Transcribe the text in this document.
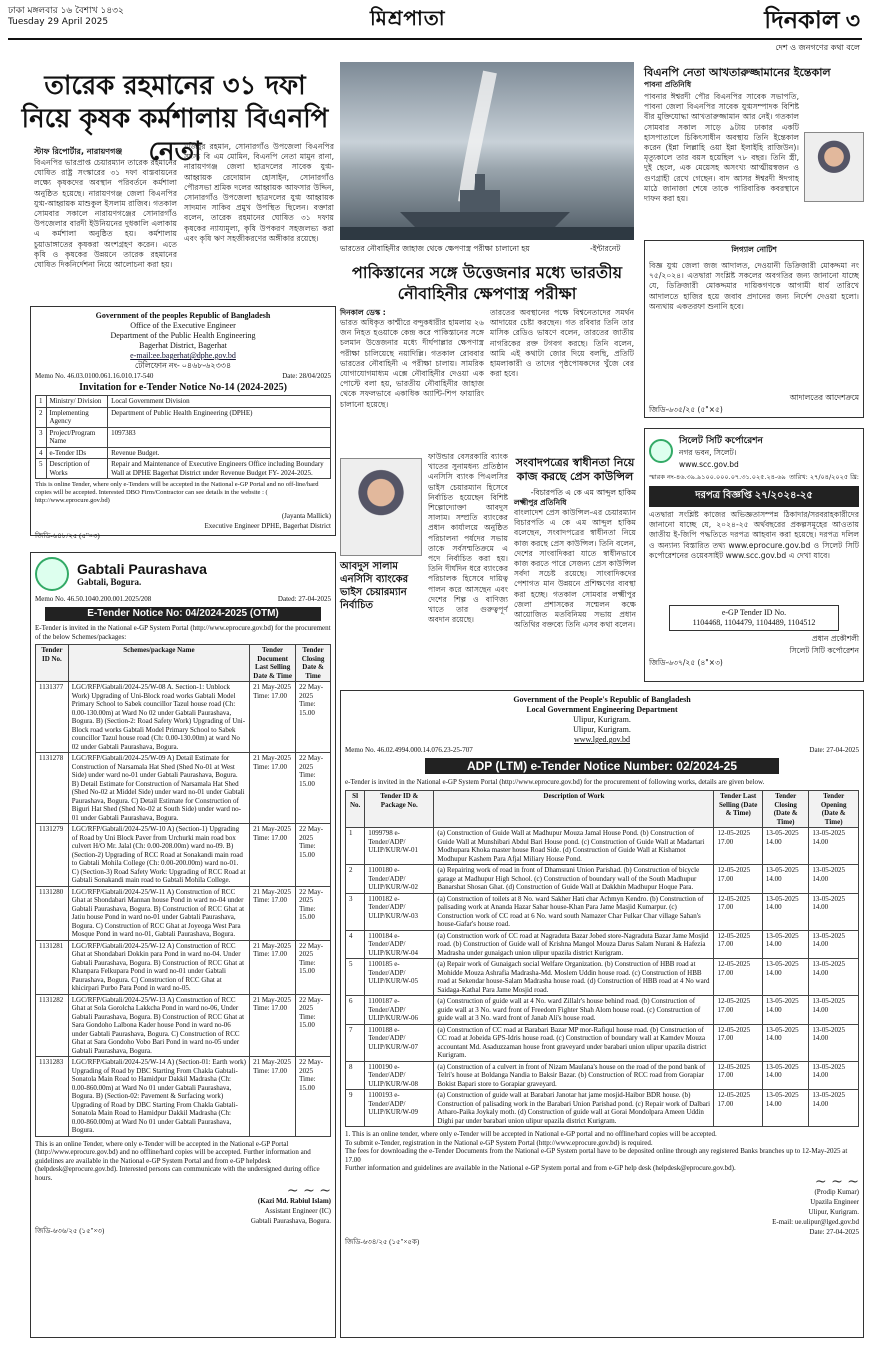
ঢাকা মঙ্গলবার ১৬ বৈশাখ ১৪৩২
Tuesday 29 April 2025	মিশ্রপাতা	দিনকাল ৩
দেশ ও জনগণের কথা বলে
তারেক রহমানের ৩১ দফা নিয়ে কৃষক কর্মশালায় বিএনপি নেতা
স্টাফ রিপোর্টার, নারায়ণগঞ্জ
বিএনপির ভারপ্রাপ্ত চেয়ারম্যান তারেক রহমানের ঘোষিত রাষ্ট্র সংস্কারের ৩১ দফা বাস্তবায়নের লক্ষ্যে কৃষকদের অবস্থান পরিবর্তনে কর্মশালা অনুষ্ঠিত হয়েছে। নারায়ণগঞ্জ জেলা বিএনপির যুগ্ম-আহ্বায়ক মাশুকুল ইসলাম রাজিব। গতকাল সোমবার সকালে নারায়ণগঞ্জের সোনারগাঁও উপজেলার বারদী ইউনিয়নের দুধকালি এলাকায় এ কর্মশালা অনুষ্ঠিত হয়। কর্মশালায় চুয়াডাঙ্গাতের কৃষকরা অংশগ্রহণ করেন। এতে কৃষি ও কৃষকের উন্নয়নে তারেক রহমানের ঘোষিত দিকনির্দেশনা নিয়ে আলোচনা করা হয়।
মজিবুর রহমান, সোনারগাঁও উপজেলা বিএনপির সদস্য বি এম মোমিন, বিএনপি নেতা মামুন রানা, নারায়ণগঞ্জ জেলা ছাত্রদলের সাবেক যুগ্ম-আহ্বায়ক রেদোয়ান হোসাইন, সোনারগাঁও পৌরসভা শ্রমিক দলের আহ্বায়ক আফসার উদ্দিন, সোনারগাঁও উপজেলা ছাত্রদলের যুগ্ম আহ্বায়ক সাদমান সাকিব প্রমুখ উপস্থিত ছিলেন। বক্তারা বলেন, তারেক রহমানের ঘোষিত ৩১ দফায় কৃষকের ন্যায্যমূল্য, কৃষি উপকরণ সহজলভ্য করা এবং কৃষি ঋণ সহজীকরণের অঙ্গীকার রয়েছে।
ভারতের নৌবাহিনীর জাহাজ থেকে ক্ষেপণাস্ত্র পরীক্ষা চালানো হয়	-ইন্টারনেট
পাকিস্তানের সঙ্গে উত্তেজনার মধ্যে ভারতীয় নৌবাহিনীর ক্ষেপণাস্ত্র পরীক্ষা
দিনকাল ডেস্ক :
ভারত অধিকৃত কাশ্মীরে বন্দুকধারীর হামলায় ২৬ জন নিহত হওয়াকে কেন্দ্র করে পাকিস্তানের সঙ্গে চলমান উত্তেজনার মধ্যে দীর্ঘপাল্লার ক্ষেপণাস্ত্র পরীক্ষা চালিয়েছে নয়াদিল্লি। গতকাল রোববার ভারতের নৌবাহিনী এ পরীক্ষা চালায়। সামরিক যোগাযোগমাধ্যম এক্সে নৌবাহিনীর দেওয়া এক পোস্টে বলা হয়, ভারতীয় নৌবাহিনীর জাহাজ থেকে সফলভাবে একাধিক অ্যান্টি-শিপ ফায়ারিং চালানো হয়েছে।
তারতের অবস্থানের পক্ষে বিশ্বনেতাদের সমর্থন আদায়ের চেষ্টা করছেন। গত রবিবার তিনি তার মাসিক রেডিও ভাষণে বলেন, তারতের জাতীয় নাগরিকের রক্ত টগবগ করছে। তিনি বলেন, আমি এই কথাটা জোর দিয়ে বলছি, প্রতিটি হামলাকারী ও তাদের পৃষ্ঠপোষকদের খুঁজে বের করা হবে।
বিএনপি নেতা আখতারুজ্জামানের ইন্তেকাল
পাবনা প্রতিনিধি
পাবনার ঈশ্বরদী পৌর বিএনপির সাবেক সভাপতি, পাবনা জেলা বিএনপির সাবেক যুগ্মসম্পাদক বিশিষ্ট বীর মুক্তিযোদ্ধা আখতারুজ্জামান আর নেই। গতকাল সোমবার সকাল সাড়ে ৯টায় ঢাকার একটি হাসপাতালে চিকিৎসাধীন অবস্থায় তিনি ইন্তেকাল করেন (ইন্না লিল্লাহি ওয়া ইন্না ইলাইহি রাজিউন)। মৃত্যুকালে তার বয়স হয়েছিল ৭৮ বছর। তিনি স্ত্রী, দুই ছেলে, এক মেয়েসহ অসংখ্য আত্মীয়স্বজন ও গুণগ্রাহী রেখে গেছেন। বাদ আসর ঈশ্বরদী ঈদগাহ মাঠে জানাজা শেষে তাকে পারিবারিক কবরস্থানে দাফন করা হয়।
লিগ্যাল নোটিশ
বিজ্ঞ যুগ্ম জেলা জজ আদালত, দেওয়ানী ডিক্রিজারী মোকদ্দমা নং ৭৫/২০২৪। এতদ্বারা সংশ্লিষ্ট সকলের অবগতির জন্য জানানো যাচ্ছে যে, ডিক্রিজারী মোকদ্দমার দায়িকগণকে আগামী ধার্য তারিখে আদালতে হাজির হয়ে জবাব প্রদানের জন্য নির্দেশ দেওয়া হলো। অন্যথায় একতরফা শুনানি হবে।
আদালতের আদেশক্রমে
জিডি-৬৩৫/২৫ (৫"×৫)
Government of the peoples Republic of Bangladesh
Office of the Executive Engineer
Department of the Public Health Engineering
Bagerhat District, Bagerhat
e-mail:ee.bagerhat@dphe.gov.bd
টেলিফোন নং- ০৪৬৮-৬২৩৩৪
Memo No. 46.03.0100.061.16.010.17-540	Date: 28/04/2025
Invitation for e-Tender Notice No-14 (2024-2025)
1	Ministry/ Division	Local Government Division
2	Implementing Agency	Department of Public Health Engineering (DPHE)
3	Project/Program Name	1097383
4	e-Tender IDs	Revenue Budget.
5	Description of Works	Repair and Maintenance of Executive Engineers Office including Boundary Wall at DPHE Bagerhat District under Revenue Budget FY- 2024-2025.
This is online Tender, where only e-Tenders will be accepted in the National e-GP Portal and no off-line/hard copies will be accepted. Interested DBO Firm/Contractor can see details in the website : ( http://www.eprocure.gov.bd)
(Jayanta Mallick)
Executive Engineer DPHE, Bagerhat District
জিডি-৬৪৮/২৫ (৫"×৩)
আবদুস সালাম এনসিসি ব্যাংকের ভাইস চেয়ারম্যান নির্বাচিত
ফাউন্ডার বেসরকারি ব্যাংক খাতের সুনামধন্য প্রতিষ্ঠান এনসিসি ব্যাংক পিএলসির ভাইস চেয়ারম্যান হিসেবে নির্বাচিত হয়েছেন বিশিষ্ট শিল্পোদ্যোক্তা আবদুস সালাম। সম্প্রতি ব্যাংকের প্রধান কার্যালয়ে অনুষ্ঠিত পরিচালনা পর্ষদের সভায় তাকে সর্বসম্মতিক্রমে এ পদে নির্বাচিত করা হয়। তিনি দীর্ঘদিন ধরে ব্যাংকের পরিচালক হিসেবে দায়িত্ব পালন করে আসছেন এবং দেশের শিল্প ও বাণিজ্য খাতে তার গুরুত্বপূর্ণ অবদান রয়েছে।
সংবাদপত্রের স্বাধীনতা নিয়ে কাজ করছে প্রেস কাউন্সিল
-বিচারপতি এ কে এম আব্দুল হাকিম
লক্ষ্মীপুর প্রতিনিধি
বাংলাদেশ প্রেস কাউন্সিল-এর চেয়ারম্যান বিচারপতি এ কে এম আব্দুল হাকিম বলেছেন, সংবাদপত্রের স্বাধীনতা নিয়ে কাজ করছে প্রেস কাউন্সিল। তিনি বলেন, দেশের সাংবাদিকরা যাতে স্বাধীনভাবে কাজ করতে পারে সেজন্য প্রেস কাউন্সিল সর্বদা সচেষ্ট রয়েছে। সাংবাদিকদের পেশাগত মান উন্নয়নে প্রশিক্ষণের ব্যবস্থা করা হচ্ছে। গতকাল সোমবার লক্ষ্মীপুর জেলা প্রশাসকের সম্মেলন কক্ষে আয়োজিত মতবিনিময় সভায় প্রধান অতিথির বক্তব্যে তিনি এসব কথা বলেন।
সিলেট সিটি কর্পোরেশন
নগর ভবন, সিলেট।
www.scc.gov.bd
স্মারক নং-৪৬.৩৯.৯১০০.০০০.০৭.৩১.০২৫.২৪-৬৯ তারিখ: ২৭/০৪/২০২৫ খ্রি:
দরপত্র বিজ্ঞপ্তি ২৭/২০২৪-২৫
এতদ্বারা সংশ্লিষ্ট কাজের অভিজ্ঞতাসম্পন্ন ঠিকাদার/সরবরাহকারীদের জানানো যাচ্ছে যে, ২০২৪-২৫ অর্থবছরের প্রকল্পসমূহের আওতায় জাতীয় ই-জিপি পদ্ধতিতে দরপত্র আহবান করা হয়েছে। দরপত্র দলিল ও অন্যান্য বিস্তারিত তথ্য www.eprocure.gov.bd ও সিলেট সিটি কর্পোরেশনের ওয়েবসাইট www.scc.gov.bd এ দেখা যাবে।
e-GP Tender ID No.
1104468, 1104479, 1104489, 1104512
প্রধান প্রকৌশলী
সিলেট সিটি কর্পোরেশন
জিডি-৬৩৭/২৫ (৪"×৩)
Gabtali Paurashava
Gabtali, Bogura.
Memo No. 46.50.1040.200.001.2025/208	Dated: 27-04-2025
E-Tender Notice No: 04/2024-2025 (OTM)
E-Tender is invited in the National e-GP System Portal (http://www.eprocure.gov.bd) for the procurement of the below Schemes/packages:
Tender ID No.	Schemes/package Name	Tender Document Last Selling Date & Time	Tender Closing Date & Time
1131377	LGC/RFP/Gabtali/2024-25/W-08 A. Section-1: Unblock Work) Upgrading of Uni-Block road works Gabtali Model Primary School to Sabek councillor Tazul house road (Ch: 0.00-130.00m) at Ward No 02 under Gabtali Paurashava, Bogura. B) (Section-2: Road Safety Work) Upgrading of Uni-Block road works Gabtali Model Primary School to Sabek councillor Tazul house road (Ch: 0.00-130.00m) at ward No 02 under Gabtali Paurashava, Bogura.	21 May-2025 Time: 17.00	22 May-2025 Time: 15.00
1131278	LGC/RFP/Gabtali/2024-25/W-09 A) Detail Estimate for Construction of Narsamala Hat Shed (Shed No-01 at West Side) under ward no-01 under Gabtali Paurashava, Bogura. B) Detail Estimate for Construction of Narsamala Hat Shed (Shed No-02 at Middel Side) under ward no-01 under Gabtali Paurashava, Bogura. C) Detail Estimate for Construction of Biguri Hat Shed (Shed No-02 at South Side) under ward no-01 under Gabtali Paurashava, Bogura.	21 May-2025 Time: 17.00	22 May-2025 Time: 15.00
1131279	LGC/RFP/Gabtali/2024-25/W-10 A) (Section-1) Upgrading of Road by Uni Block Paver from Urchurki main road box culvert H/O Mr. Jalal (Ch: 0.00-208.00m) ward no-09. B) (Section-2) Upgrading of RCC Road at Sonakandi main road to Gabtali Mohila College (Ch: 0.00-200.00m) ward no-01. C) (Section-3) Road Safety Work: Upgrading of RCC Road at Gabtali Sonakandi main road to Gabtali Mohila College.	21 May-2025 Time: 17.00	22 May-2025 Time: 15.00
1131280	LGC/RFP/Gabtali/2024-25/W-11 A) Construction of RCC Ghat at Shondabari Mannan house Pond in ward no-04 under Gabtali Paurashava, Bogura. B) Construction of RCC Ghat at Jatiu house Pond in ward no-01 under Gabtali Paurashava, Bogura. C) Construction of RCC Ghat at Joyeoga West Para Mosque Pond in ward no-01, Gabtali Paurashava, Bogura.	21 May-2025 Time: 17.00	22 May-2025 Time: 15.00
1131281	LGC/RFP/Gabtali/2024-25/W-12 A) Construction of RCC Ghat at Shondabari Dokkin para Pond in ward no-04. Under Gabtali Paurashava, Bogura. B) Construction of RCC Ghat at Khanpara Felkupara Pond in ward no-01 under Gabtali Paurashava, Bogura. C) Construction of RCC Ghat at khicirpari Purbo Para Pond in ward no-05.	21 May-2025 Time: 17.00	22 May-2025 Time: 15.00
1131282	LGC/RFP/Gabtali/2024-25/W-13 A) Construction of RCC Ghat at Sola Gorolcha Lakkcha Pond in ward no-06, Under Gabtali Paurashava, Bogura. B) Construction of RCC Ghat at Sara Gondoho Lalbona Kader house Pond in ward no-06 under Gabtali Paurashava, Bogura. C) Construction of RCC Ghat at Sara Gondoho Vobo Bari Pond in ward no-05 under Gabtali Paurashava, Bogura.	21 May-2025 Time: 17.00	22 May-2025 Time: 15.00
1131283	LGC/RFP/Gabtali/2024-25/W-14 A) (Section-01: Earth work) Upgrading of Road by DBC Starting From Chakla Gabtali-Sonatola Main Road to Hamidpur Dakkil Madrasha (Ch: 0.00-860.00m) at Ward No 01 under Gabtali Paurashava, Bogura. B) (Section-02: Pavement & Surfacing work) Upgrading of Road by DBC Starting From Chakla Gabtali-Sonatola Main Road to Hamidpur Dakkil Madrasha (Ch: 0.00-860.00m) at Ward No 01 under Gabtali Paurashava, Bogura.	21 May-2025 Time: 17.00	22 May-2025 Time: 15.00
This is an online Tender, where only e-Tender will be accepted in the National e-GP Portal (http://www.eprocure.gov.bd) and no offline/hard copies will be accepted. Further information and guidelines are available in the National e-GP System Portal and from e-GP helpdesk (helpdesk@eprocure.gov.bd). Interested persons can communicate with the undersigned during office hours.
~ ~ ~
(Kazi Md. Rabiul Islam)
Assistant Engineer (IC)
Gabtali Paurashava, Bogura.
জিডি-৬৩৬/২৫ (১৫"×৩)
Government of the People's Republic of Bangladesh
Local Government Engineering Department
Ulipur, Kurigram.
Ulipur, Kurigram.
www.lged.gov.bd
Memo No. 46.02.4994.000.14.076.23-25-707	Date: 27-04-2025
ADP (LTM) e-Tender Notice Number: 02/2024-25
e-Tender is invited in the National e-GP System Portal (http://www.eprocure.gov.bd) for the procurement of following works, details are given below.
Sl No.	Tender ID & Package No.	Description of Work	Tender Last Selling (Date & Time)	Tender Closing (Date & Time)	Tender Opening (Date & Time)
1	1099798 e-Tender/ADP/ ULIP/KUR/W-01	(a) Construction of Guide Wall at Madhupur Mouza Jamal House Pond. (b) Construction of Guide Wall at Munshibari Abdul Bari House pond. (c) Construction of Guide Wall at Madartari Modhupara Khoka master house Road Side. (d) Construction of Guide Wall at Kishamot Modhupur Kashem Para Afjal Miliary House Pond.	12-05-2025 17.00	13-05-2025 14.00	13-05-2025 14.00
2	1100180 e-Tender/ADP/ ULIP/KUR/W-02	(a) Repairing work of road in front of Dhamsrani Union Parishad. (b) Construction of bicycle garage at Madhupur High School. (c) Construction of boundary wall of the South Madhupur Banarshat Shosan Ghat. (d) Construction of Guide Wall at Dakkhin Madhupur Hoque Para.	12-05-2025 17.00	13-05-2025 14.00	13-05-2025 14.00
3	1100182 e-Tender/ADP/ ULIP/KUR/W-03	(a) Construction of toilets at 8 No. ward Sakher Hati char Achmyn Kendro. (b) Construction of palisading work at Ananda Hazar Sahar house-Khan Para Jame Masjid Kumarpur. (c) Construction work of CC road at 6 No. ward south Namazer Char Fulkar Char village Sahan's house-Gafar's house road.	12-05-2025 17.00	13-05-2025 14.00	13-05-2025 14.00
4	1100184 e-Tender/ADP/ ULIP/KUR/W-04	(a) Construction work of CC road at Nagraduta Bazar Jobed store-Nagraduta Bazar Jame Mosjid road. (b) Construction of Guide wall of Krishna Mangol Mouza Darus Salam Nurani & Hafezia Madrasha under gunaigach union ulipur upazila district Kurigram.	12-05-2025 17.00	13-05-2025 14.00	13-05-2025 14.00
5	1100185 e-Tender/ADP/ ULIP/KUR/W-05	(a) Repair work of Gunaigach social Welfare Organization. (b) Construction of HBB road at Mohidde Mouza Ashrafia Madrasha-Md. Moslem Uddin house road. (c) Construction of HBB road at Sekendar house-Salam Madrasha house road. (d) Construction of HBB road at 4 No ward Saidaga-Kathal Para Jame Mosjid road.	12-05-2025 17.00	13-05-2025 14.00	13-05-2025 14.00
6	1100187 e-Tender/ADP/ ULIP/KUR/W-06	(a) Construction of guide wall at 4 No. ward Zillalr's house behind road. (b) Construction of guide wall at 3 No. ward front of Freedom Fighter Shah Alom house road. (c) Construction of guide wall at 3 No. ward front of Janab Ali's house road.	12-05-2025 17.00	13-05-2025 14.00	13-05-2025 14.00
7	1100188 e-Tender/ADP/ ULIP/KUR/W-07	(a) Construction of CC road at Barabari Bazar MP mor-Rafiqul house road. (b) Construction of CC road at Jobeida GPS-Idris house road. (c) Construction of boundary wall at Kamdev Mouza accountant Md. Asaduzzaman house front graveyard under barabari union ulipur upazila district Kurigram.	12-05-2025 17.00	13-05-2025 14.00	13-05-2025 14.00
8	1100190 e-Tender/ADP/ ULIP/KUR/W-08	(a) Construction of a culvert in front of Nizam Maulana's house on the road of the pond bank of Telri's house at Boldanga Nandia to Baksir Bazar. (b) Construction of RCC road from Gorapiar Bokist Bapari store to Gorapiar graveyard.	12-05-2025 17.00	13-05-2025 14.00	13-05-2025 14.00
9	1100193 e-Tender/ADP/ ULIP/KUR/W-09	(a) Construction of guide wall at Barabari Janotar hat jame mosjid-Haibor BDR house. (b) Construction of palisading work in the Barabari Union Parishad pond. (c) Repair work of Dalbari Atharo-Paika Joykaly moth. (d) Construction of guide wall at Gorai Mondolpara Ameen Uddin Dighi par under barabari union ulipur upazila district Kurigram.	12-05-2025 17.00	13-05-2025 14.00	13-05-2025 14.00
1. This is an online tender, where only e-Tender will be accepted in National e-GP portal and no offline/hard copies will be accepted.
To submit e-Tender, registration in the National e-GP System Portal (http://www.eprocure.gov.bd) is required.
The fees for downloading the e-Tender Documents from the National e-GP System portal have to be deposited online through any registered Banks branches up to 12-May-2025 at 17.00
Further information and guidelines are available in the National e-GP System portal and from e-GP help desk (helpdesk@eprocure.gov.bd).
~ ~ ~
(Prodip Kumar)
Upazila Engineer
Ulipur, Kurigram.
E-mail: ue.ulipur@lged.gov.bd
Date: 27-04-2025
জিডি-৬৩৪/২৫ (১৫"×৫ক)
